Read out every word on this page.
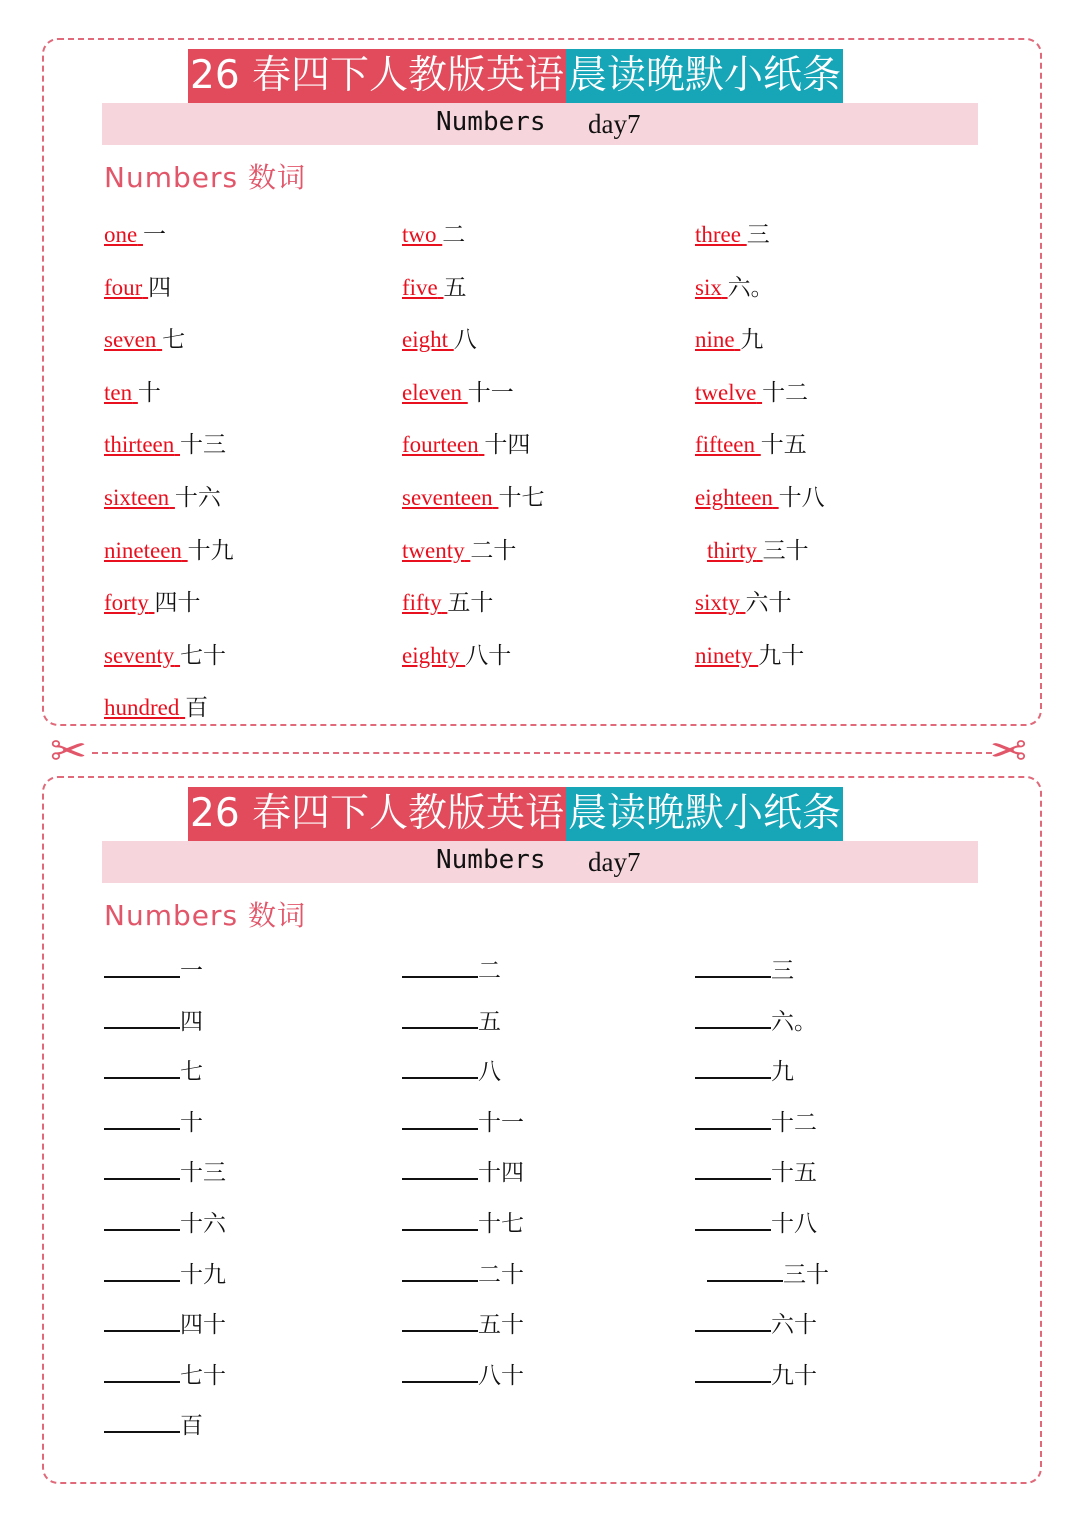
26 春四下人教版英语 晨读晚默小纸条
Numbers day7
Numbers 数词
one 一	two 二	three 三
four 四	five 五	six 六。
seven 七	eight 八	nine 九
ten 十	eleven 十一	twelve 十二
thirteen 十三	fourteen 十四	fifteen 十五
sixteen 十六	seventeen 十七	eighteen 十八
nineteen 十九	twenty 二十	thirty 三十
forty 四十	fifty 五十	sixty 六十
seventy 七十	eighty 八十	ninety 九十
hundred 百
✂	✂
26 春四下人教版英语 晨读晚默小纸条
Numbers day7
Numbers 数词
一	二	三
四	五	六。
七	八	九
十	十一	十二
十三	十四	十五
十六	十七	十八
十九	二十	三十
四十	五十	六十
七十	八十	九十
百
